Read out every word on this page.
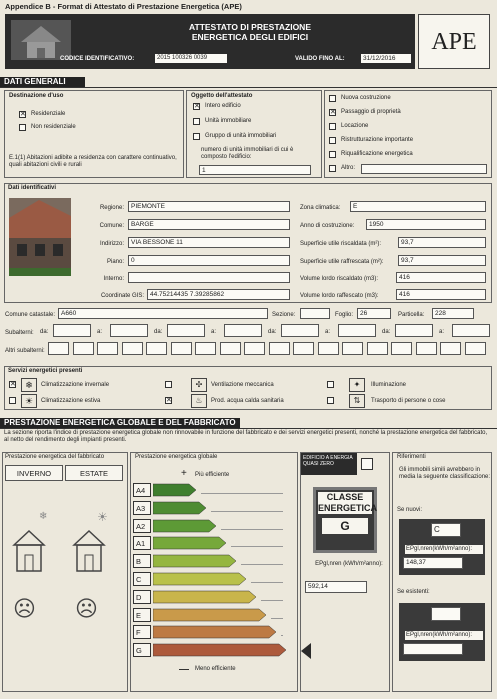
Appendice B - Format di Attestato di Prestazione Energetica (APE)
ATTESTATO DI PRESTAZIONE
ENERGETICA DEGLI EDIFICI
CODICE IDENTIFICATIVO:	2015 100326 0039	VALIDO FINO AL:	31/12/2016
APE
DATI GENERALI
Destinazione d'uso
✕ Residenziale
Non residenziale
E.1(1) Abitazioni adibite a residenza con carattere continuativo, quali abitazioni civili e rurali
Oggetto dell'attestato
✕ Intero edificio
Unità immobiliare
Gruppo di unità immobiliari
numero di unità immobiliari di cui è composto l'edificio:
1
Nuova costruzione
✕ Passaggio di proprietà
Locazione
Ristrutturazione importante
Riqualificazione energetica
Altro:
Dati identificativi
Regione:	PIEMONTE
Comune:	BARGE
Indirizzo:	VIA BESSONE 11
Piano:	0
Interno:
Coordinate GIS: 44.75214435 7.39285862
Zona climatica:	E
Anno di costruzione:	1950
Superficie utile riscaldata (m²):	93,7
Superficie utile raffrescata (m²):	93,7
Volume lordo riscaldato (m3):	416
Volume lordo raffescato (m3):	416
Comune catastale: A660	Sezione:	Foglio:	26	Particella:	228
Subalterni: da:	a:	da:	a:	da:	a:	da:	a:
Altri subalterni:
Servizi energetici presenti
✕	❄	Climatizzazione invernale
☀	Climatizzazione estiva
✣	Ventilazione meccanica
✕	♨	Prod. acqua calda sanitaria
✦	Illuminazione
⇅	Trasporto di persone o cose
PRESTAZIONE ENERGETICA GLOBALE E DEL FABBRICATO
La sezione riporta l'indice di prestazione energetica globale non rinnovabile in funzione del fabbricato e dei servizi energetici presenti, nonché la prestazione energetica del fabbricato, al netto del rendimento degli impianti presenti.
Prestazione energetica del fabbricato
INVERNO	ESTATE
❄	☀
☹ ☹
Prestazione energetica globale
+ Più efficiente
Meno efficiente
A4
A3
A2
A1
B
C
D
E
F
G
EDIFICIO A ENERGIA QUASI ZERO
CLASSE ENERGETICA
G
EPgl,nren (kWh/m²anno):
592,14
Riferimenti
Gli immobili simili avrebbero in media la seguente classificazione:
Se nuovi:
C
EPgl,nren(kWh/m²anno):
148,37
Se esistenti:
EPgl,nren(kWh/m²anno):
